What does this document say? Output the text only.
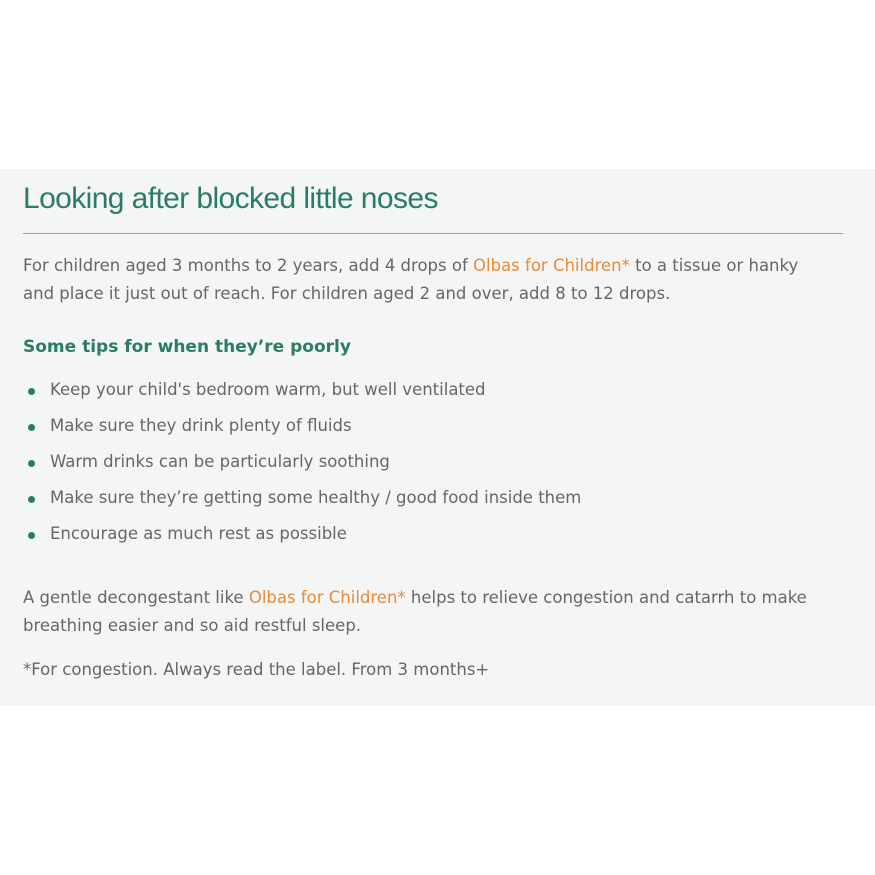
Looking after blocked little noses

For children aged 3 months to 2 years, add 4 drops of Olbas for Children* to a tissue or hanky and place it just out of reach. For children aged 2 and over, add 8 to 12 drops.

Some tips for when they’re poorly
Keep your child's bedroom warm, but well ventilated
Make sure they drink plenty of fluids
Warm drinks can be particularly soothing
Make sure they’re getting some healthy / good food inside them
Encourage as much rest as possible

A gentle decongestant like Olbas for Children* helps to relieve congestion and catarrh to make breathing easier and so aid restful sleep.

*For congestion. Always read the label. From 3 months+
